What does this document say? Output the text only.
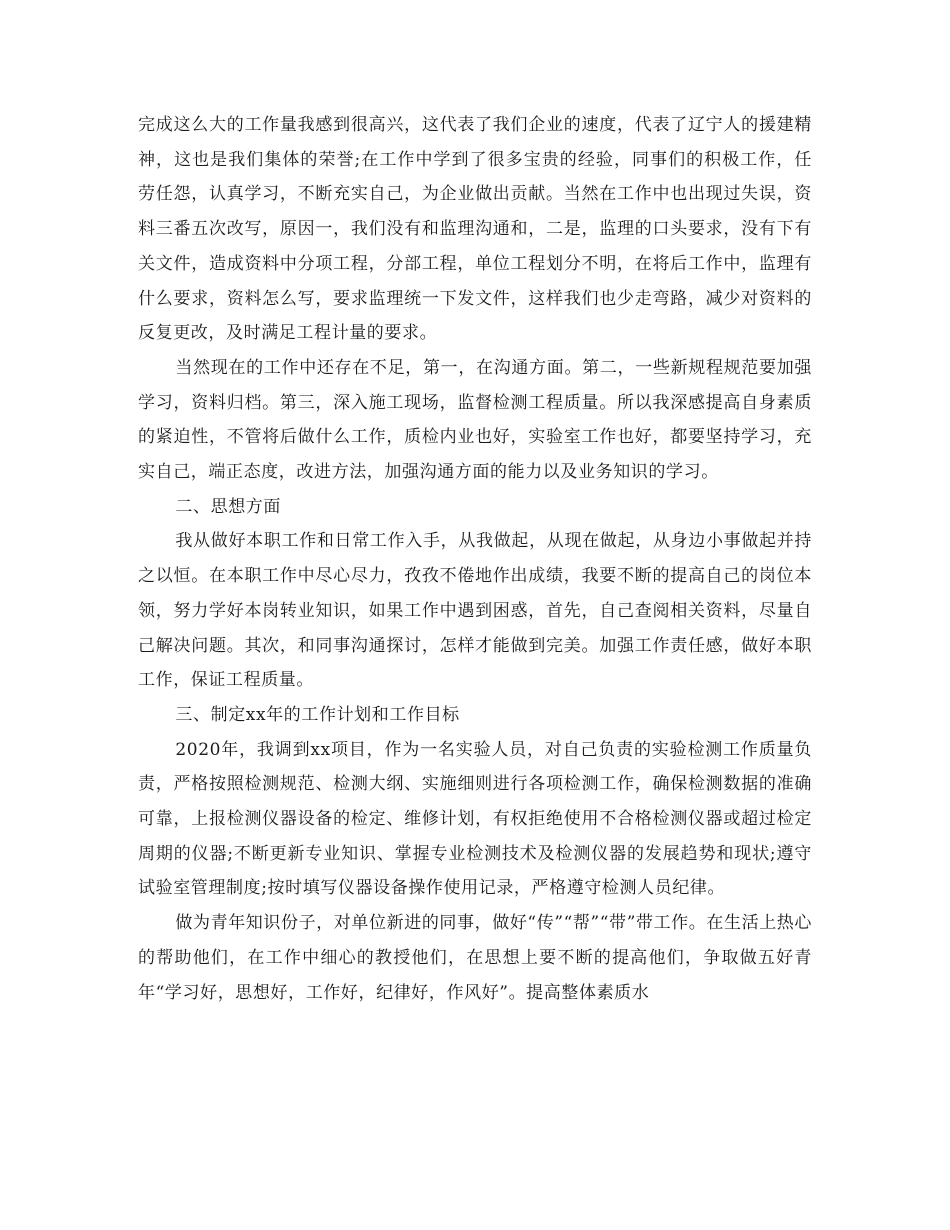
完成这么大的工作量我感到很高兴，这代表了我们企业的速度，代表了辽宁人的援建精神，这也是我们集体的荣誉;在工作中学到了很多宝贵的经验，同事们的积极工作，任劳任怨，认真学习，不断充实自己，为企业做出贡献。当然在工作中也出现过失误，资料三番五次改写，原因一，我们没有和监理沟通和，二是，监理的口头要求，没有下有关文件，造成资料中分项工程，分部工程，单位工程划分不明，在将后工作中，监理有什么要求，资料怎么写，要求监理统一下发文件，这样我们也少走弯路，减少对资料的反复更改，及时满足工程计量的要求。

当然现在的工作中还存在不足，第一，在沟通方面。第二，一些新规程规范要加强学习，资料归档。第三，深入施工现场，监督检测工程质量。所以我深感提高自身素质的紧迫性，不管将后做什么工作，质检内业也好，实验室工作也好，都要坚持学习，充实自己，端正态度，改进方法，加强沟通方面的能力以及业务知识的学习。

二、思想方面

我从做好本职工作和日常工作入手，从我做起，从现在做起，从身边小事做起并持之以恒。在本职工作中尽心尽力，孜孜不倦地作出成绩，我要不断的提高自己的岗位本领，努力学好本岗转业知识，如果工作中遇到困惑，首先，自己查阅相关资料，尽量自己解决问题。其次，和同事沟通探讨，怎样才能做到完美。加强工作责任感，做好本职工作，保证工程质量。

三、制定xx年的工作计划和工作目标

2020年，我调到xx项目，作为一名实验人员，对自己负责的实验检测工作质量负责，严格按照检测规范、检测大纲、实施细则进行各项检测工作，确保检测数据的准确可靠，上报检测仪器设备的检定、维修计划，有权拒绝使用不合格检测仪器或超过检定周期的仪器;不断更新专业知识、掌握专业检测技术及检测仪器的发展趋势和现状;遵守试验室管理制度;按时填写仪器设备操作使用记录，严格遵守检测人员纪律。

做为青年知识份子，对单位新进的同事，做好“传”“帮”“带”带工作。在生活上热心的帮助他们，在工作中细心的教授他们，在思想上要不断的提高他们，争取做五好青年“学习好，思想好，工作好，纪律好，作风好”。提高整体素质水
